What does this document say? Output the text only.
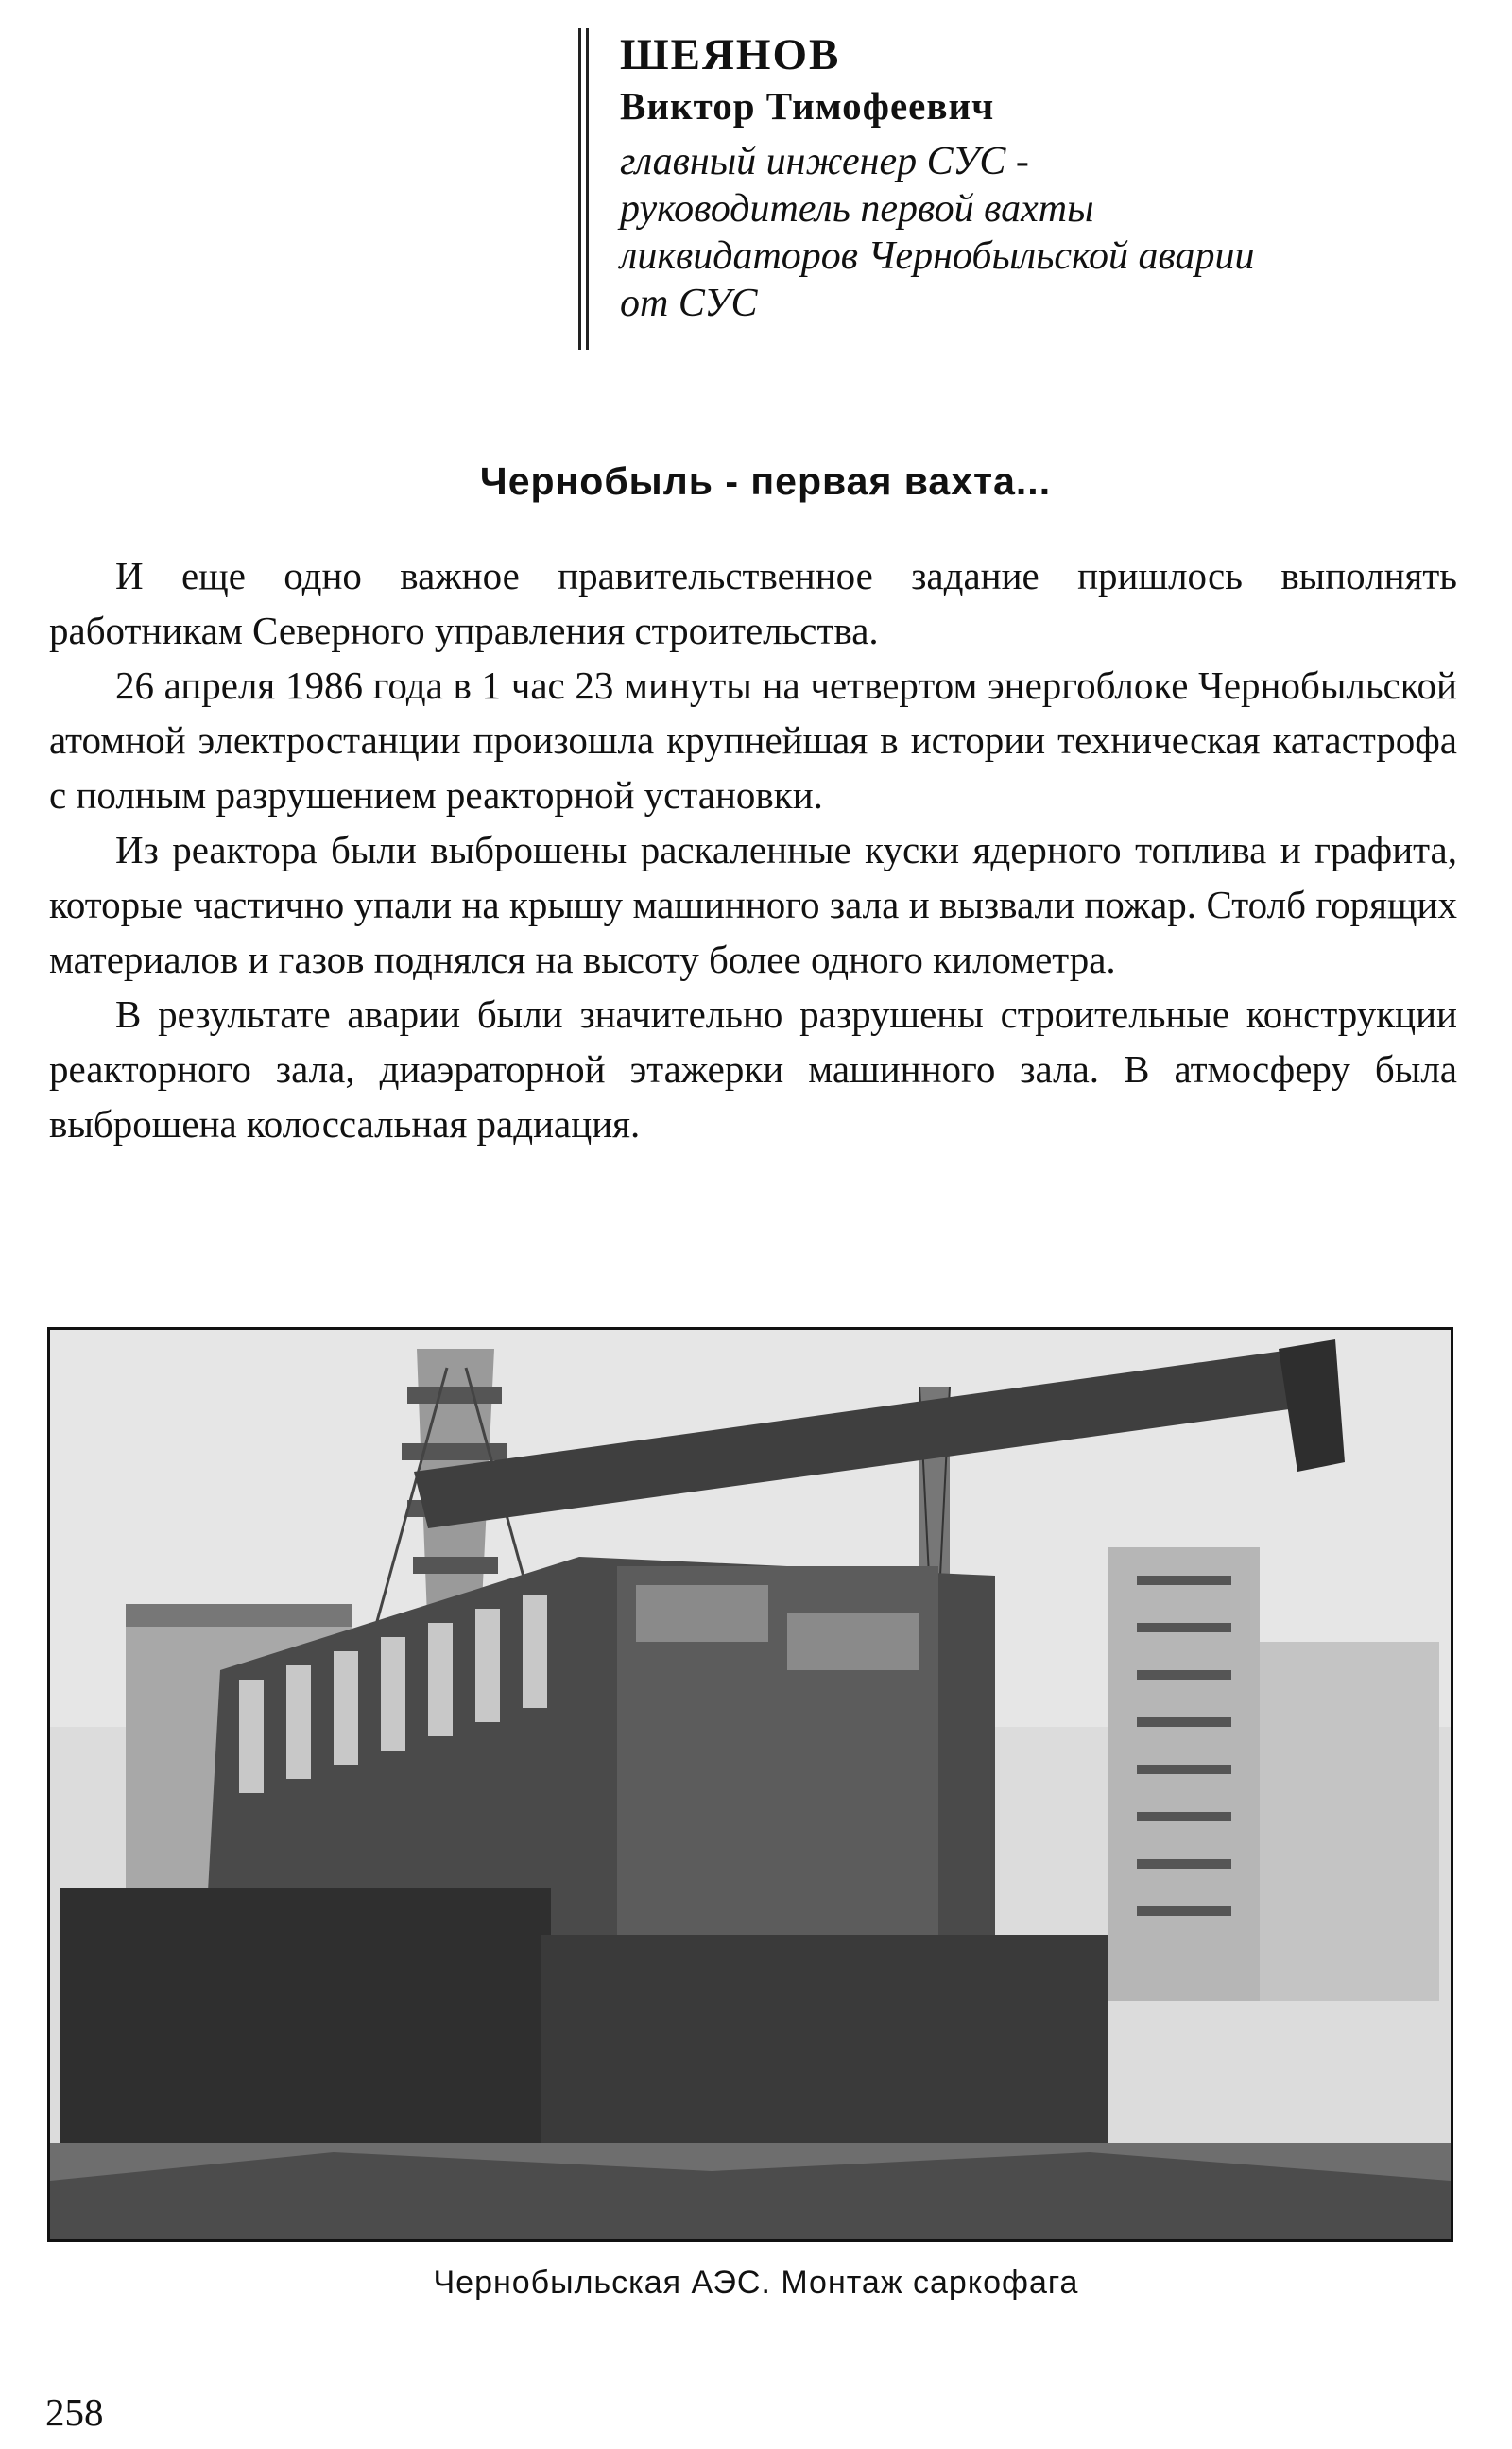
ШЕЯНОВ
Виктор Тимофеевич
главный инженер СУС -
руководитель первой вахты
ликвидаторов Чернобыльской аварии
от СУС
Чернобыль - первая вахта...

И еще одно важное правительственное задание пришлось выполнять работникам Северного управления строительства.

26 апреля 1986 года в 1 час 23 минуты на четвертом энергоблоке Чернобыльской атомной электростанции произошла крупнейшая в истории техническая катастрофа с полным разрушением реакторной установки.

Из реактора были выброшены раскаленные куски ядерного топлива и графита, которые частично упали на крышу машинного зала и вызвали пожар. Столб горящих материалов и газов поднялся на высоту более одного километра.

В результате аварии были значительно разрушены строительные конструкции реакторного зала, диаэраторной этажерки машинного зала. В атмосферу была выброшена колоссальная радиация.

Чернобыльская АЭС. Монтаж саркофага
258
